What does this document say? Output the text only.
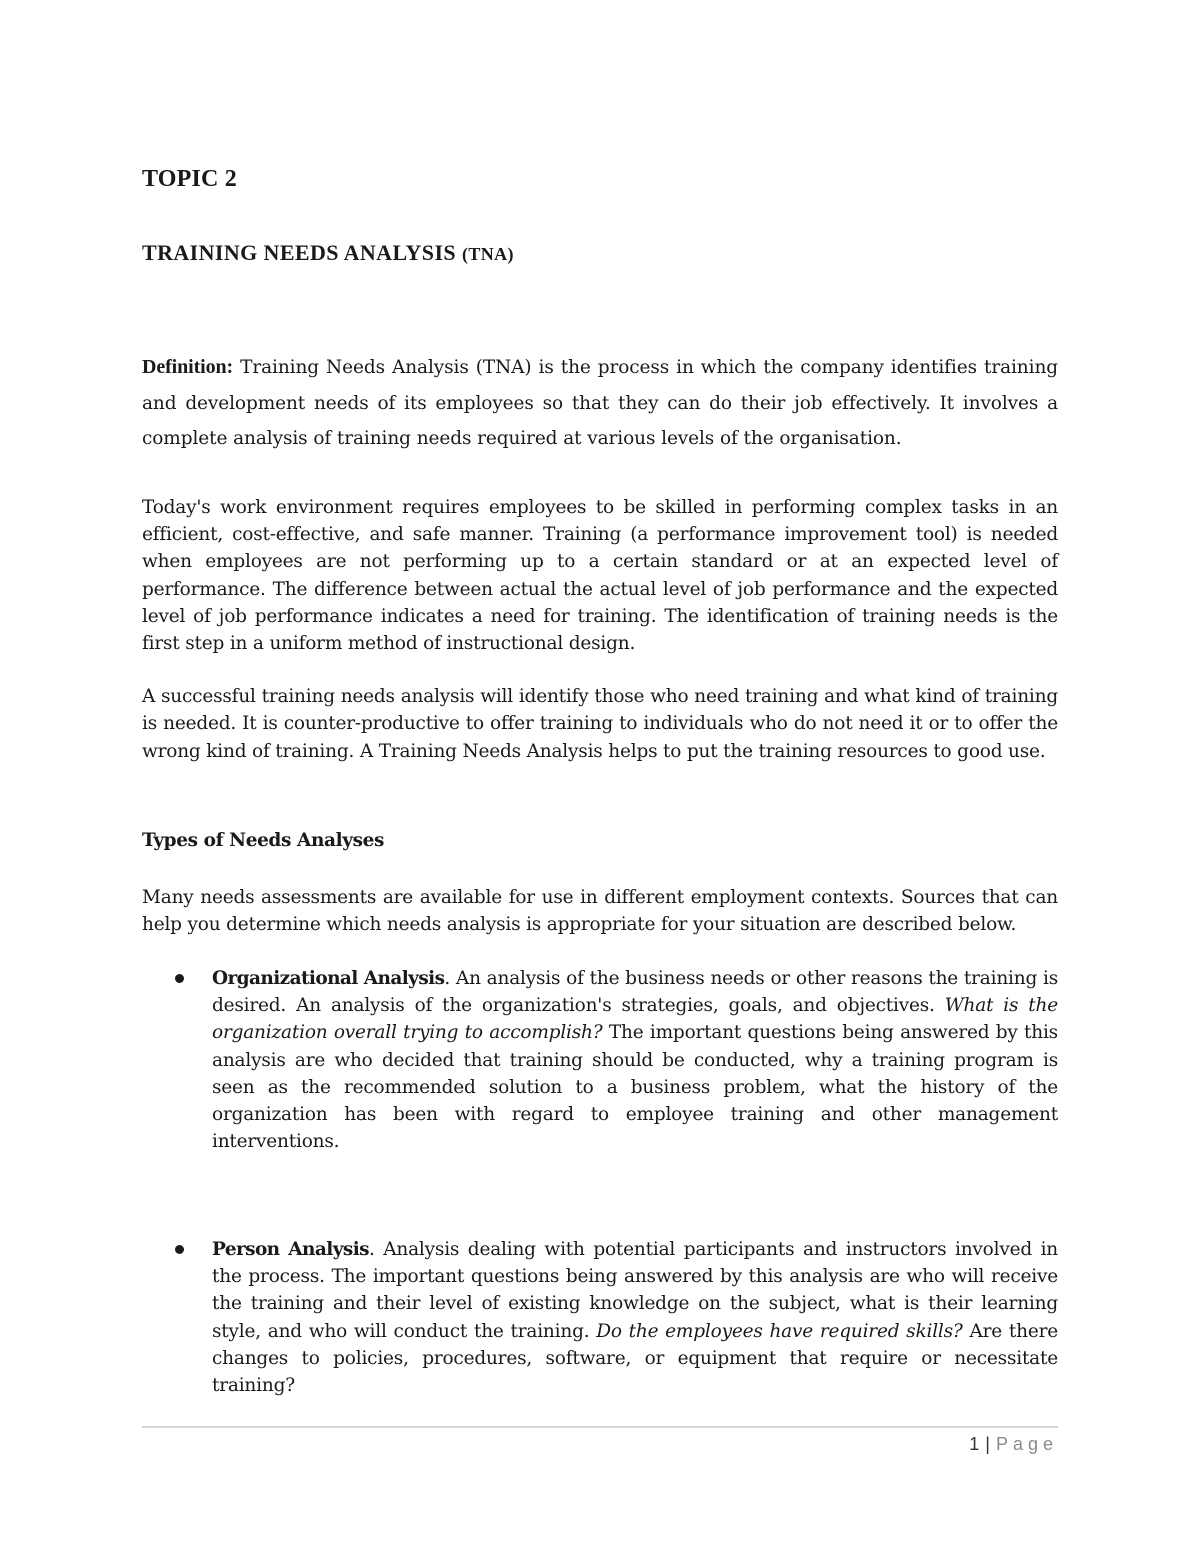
TOPIC 2
TRAINING NEEDS ANALYSIS (TNA)

Definition: Training Needs Analysis (TNA) is the process in which the company identifies training and development needs of its employees so that they can do their job effectively. It involves a complete analysis of training needs required at various levels of the organisation.

Today's work environment requires employees to be skilled in performing complex tasks in an efficient, cost-effective, and safe manner. Training (a performance improvement tool) is needed when employees are not performing up to a certain standard or at an expected level of performance. The difference between actual the actual level of job performance and the expected level of job performance indicates a need for training. The identification of training needs is the first step in a uniform method of instructional design.

A successful training needs analysis will identify those who need training and what kind of training is needed. It is counter-productive to offer training to individuals who do not need it or to offer the wrong kind of training. A Training Needs Analysis helps to put the training resources to good use.

Types of Needs Analyses

Many needs assessments are available for use in different employment contexts. Sources that can help you determine which needs analysis is appropriate for your situation are described below.

Organizational Analysis. An analysis of the business needs or other reasons the training is desired. An analysis of the organization's strategies, goals, and objectives. What is the organization overall trying to accomplish? The important questions being answered by this analysis are who decided that training should be conducted, why a training program is seen as the recommended solution to a business problem, what the history of the organization has been with regard to employee training and other management interventions.

Person Analysis. Analysis dealing with potential participants and instructors involved in the process. The important questions being answered by this analysis are who will receive the training and their level of existing knowledge on the subject, what is their learning style, and who will conduct the training. Do the employees have required skills? Are there changes to policies, procedures, software, or equipment that require or necessitate training?

1 | Page
